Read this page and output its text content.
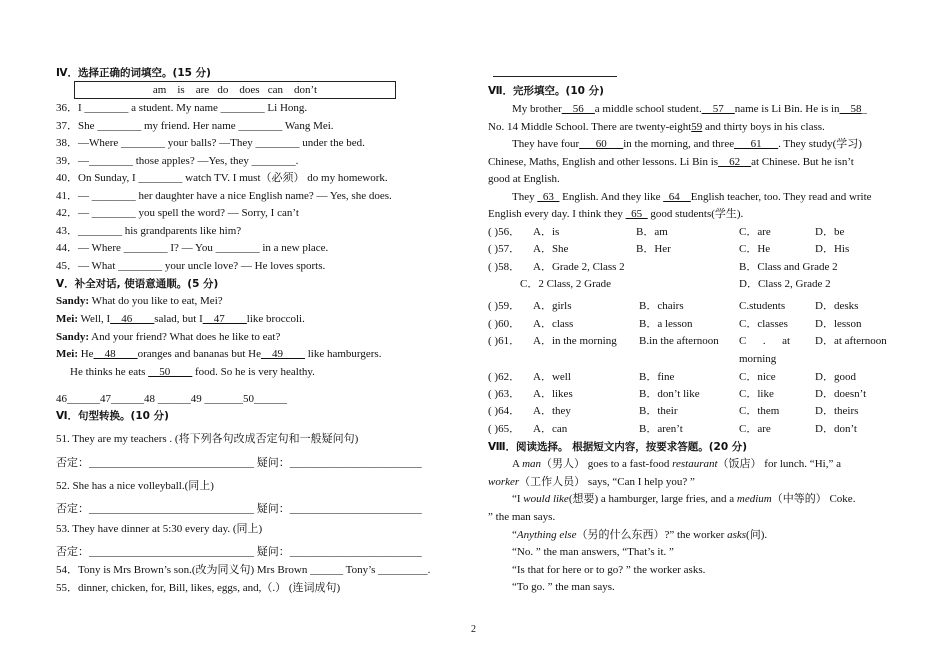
Ⅳ．选择正确的词填空。(15 分)
am    is    are   do    does   can    don’t
36．I ________ a student. My name ________ Li Hong.
37．She ________ my friend. Her name ________ Wang Mei.
38．—Where ________ your balls? —They ________ under the bed.
39．—________ those apples? —Yes, they ________.
40．On Sunday, I ________ watch TV. I must（必须） do my homework.
41．— ________ her daughter have a nice English name? — Yes, she does.
42．— ________ you spell the word? — Sorry, I can’t
43．________ his grandparents like him?
44．— Where ________ I? — You ________ in a new place.
45．— What ________ your uncle love? — He loves sports.
Ⅴ．补全对话, 使语意通顺。(5 分)
Sandy: What do you like to eat, Mei?
Mei: Well, I__46____salad, but I__47____like broccoli.
Sandy: And your friend? What does he like to eat?
Mei: He__48____oranges and bananas but He__49____ like hamburgers.
He thinks he eats __50____ food. So he is very healthy.
46______47______48 ______49 _______50______
Ⅵ．句型转换。(10 分)
51. They are my teachers . (将下列各句改成否定句和一般疑问句)
否定：______________________________ 疑问：________________________
52. She has a nice volleyball.(同上)
否定：______________________________ 疑问：________________________
53. They have dinner at 5:30 every day. (同上)
否定：______________________________ 疑问：________________________
54．Tony is Mrs Brown’s son.(改为同义句) Mrs Brown ______ Tony’s _________.
55．dinner, chicken, for, Bill, likes, eggs, and,（.） (连词成句)
Ⅶ．完形填空。(10 分)
My brother__56__a middle school student.__57__name is Li Bin. He is in__58_
No. 14 Middle School. There are twenty-eight59 and thirty boys in his class.
They have four___60___in the morning, and three___61___. They study(学习)
Chinese, Maths, English and other lessons. Li Bin is__62__at Chinese. But he isn’t
good at English.
They _63_ English. And they like _64__English teacher, too. They read and write
English every day. I think they _65_ good students(学生).
( )56． A．is	B．am	C．are	D．be
( )57． A．She	B．Her	C．He	D．His
( )58． A．Grade 2, Class 2	B．Class and Grade 2
C．2 Class, 2 Grade	D．Class 2, Grade 2
( )59． A．girls	B．chairs	C.students	D．desks
( )60． A．class	B．a lesson	C．classes D．lesson
( )61． A．in the morning B.in the afternoon C      .      at D．at afternoon
morning
( )62． A．well	B．fine	C．nice	D．good
( )63． A．likes	B．don’t like	C．like	D．doesn’t
( )64． A．they	B．their	C．them	D．theirs
( )65． A．can	B．aren’t	C．are	D．don’t
Ⅷ．阅读选择。 根据短文内容，按要求答题。(20 分)
A man（男人） goes to a fast-food restaurant（饭店） for lunch. “Hi,” a
worker（工作人员） says, “Can I help you? ”
“I would like(想要) a hamburger, large fries, and a medium（中等的） Coke.
” the man says.
“Anything else（另的什么东西）?” the worker asks(问).
“No. ” the man answers, “That’s it. ”
“Is that for here or to go? ” the worker asks.
“To go. ” the man says.
2
